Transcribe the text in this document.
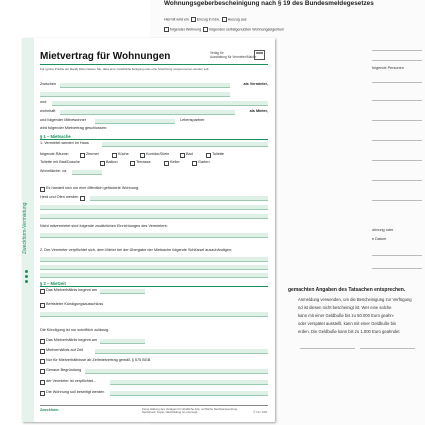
Wohnungsgeberbescheinigung nach § 19 des Bundesmeldegesetzes
Hiermit wird ein Einzug in bzw. Auszug aus
folgender Wohnung folgenden selbstgenutzten Wohnungseigentum
folgende Personen
ohnung oder
e Datum
gemachten Angaben des Tatsachen entsprechen.
Anmeldung verwenden, um die Bescheinigung zur Verfügung
nd ist diesen nicht bescheinigt ist. Wer eine solche
kann mit einer Geldbuße bis zu 50.000 Euro geahn-
oder verspätet ausstellt, kann mit einer Geldbuße bis
erden. Die Geldbuße kann bis zu 1.000 Euro geahndet
Zweckform-Vermietung
Mietvertrag für Wohnungen	Verlag für
Ausstattung für Vermieter/Makler
Für (grüne Punkte am Rand) bitten lassen Sie, dass eine zusätzliche Einigung oder eine Streichung vorgenommen werden soll.
Zwischen	als Vermieter,
und
wohnhaft	als Mieter,
und folgender Mitbewohner	Lebenspartner
wird folgender Mietvertrag geschlossen:
§ 1 – Mietsache
1. Vermietet werden im Haus
folgende Räume:	Zimmer	Küche	Korridor/Diele	Bad	Toilette
Toilette mit Bad/Dusche	Balkon	Terrasse	Keller	Garten
Wohnfläche: ca.
Es handelt sich um eine öffentlich geförderte Wohnung.
Herd und Ofen werden
Nicht mitvermietet sind folgende zusätzlichen Einrichtungen des Vermieters:
2. Der Vermieter verpflichtet sich, dem Mieter bei der Übergabe der Mietsache folgende Schlüssel auszuhändigen:
§ 2 – Mietzeit
Das Mietverhältnis beginnt am
Befristeter Kündigungsausschluss
Die Kündigung ist nur schriftlich zulässig.
Das Mietverhältnis beginnt am
Mietverhältnis auf Zeit
Nur für Mietverhältnisse ab Zeitmietvertrag gemäß § 575 BGB
Genaue Begründung
der Vermieter ist verpflichtet...
Die Wohnung soll beseitigt werden
Zweckform	Keine Haftung des Verlages für inhaltliche bzw. rechtliche Rechtsanwendung. Nachdruck, Kopie, Nachbildung ist untersagt.	© 12 / 100
